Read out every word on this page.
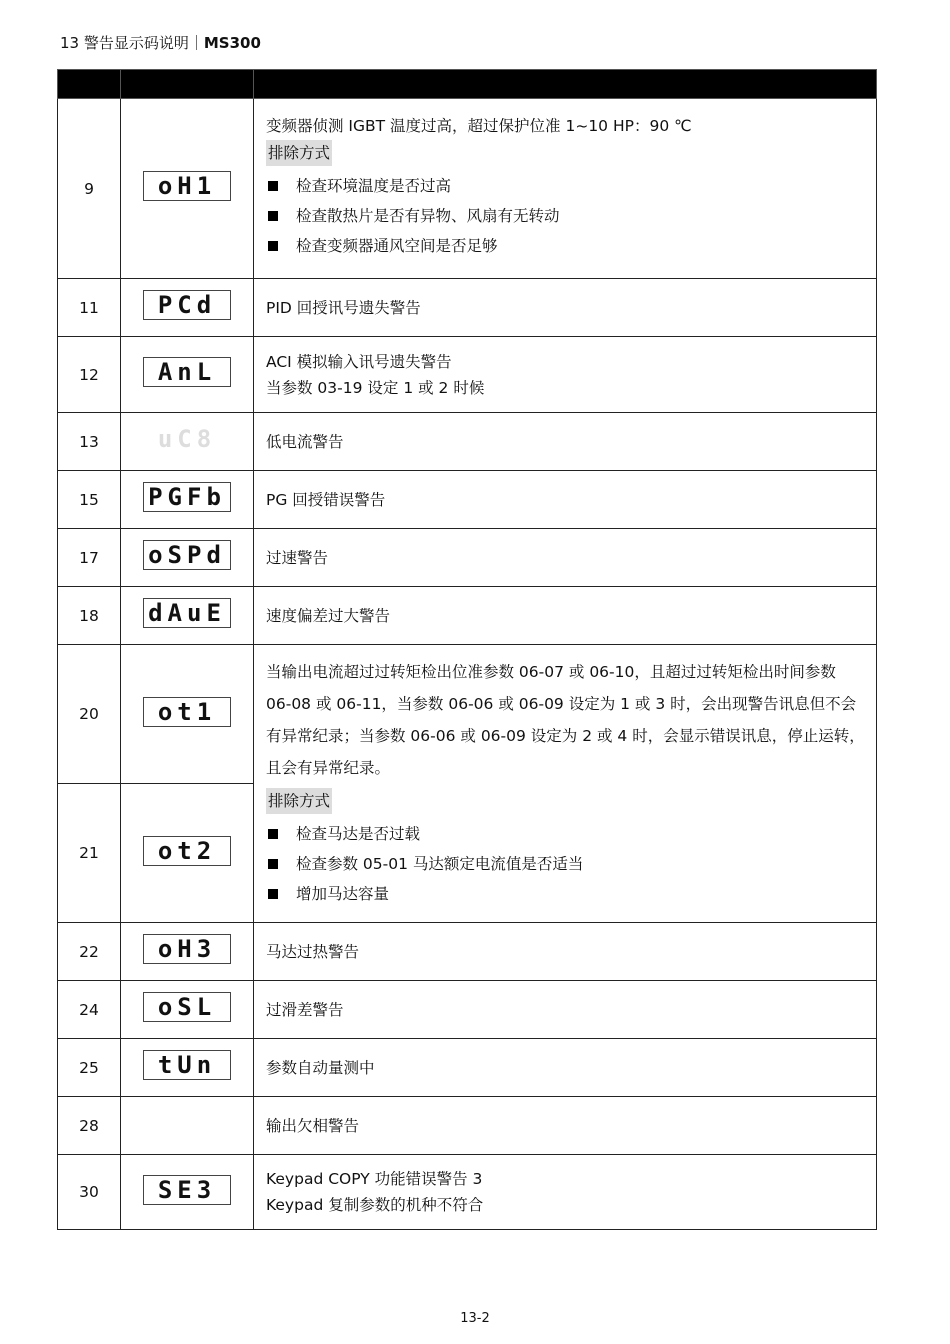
13 警告显示码说明｜MS300

9	oH1	变频器侦测 IGBT 温度过高，超过保护位准 1~10 HP：90 ℃
排除方式
检查环境温度是否过高
检查散热片是否有异物、风扇有无转动
检查变频器通风空间是否足够

11	PCd	PID 回授讯号遗失警告

12	AnL	ACI 模拟输入讯号遗失警告
当参数 03-19 设定 1 或 2 时候

13	uC8	低电流警告

15	PGFb	PG 回授错误警告

17	oSPd	过速警告

18	dAuE	速度偏差过大警告

20	ot1	当输出电流超过过转矩检出位准参数 06-07 或 06-10，且超过过转矩检出时间参数 06-08 或 06-11，当参数 06-06 或 06-09 设定为 1 或 3 时，会出现警告讯息但不会有异常纪录；当参数 06-06 或 06-09 设定为 2 或 4 时，会显示错误讯息，停止运转，且会有异常纪录。
排除方式
检查马达是否过载
检查参数 05-01 马达额定电流值是否适当
增加马达容量

21	ot2	
22	oH3	马达过热警告

24	oSL	过滑差警告

25	tUn	参数自动量测中

28		输出欠相警告

30	SE3	Keypad COPY 功能错误警告 3
Keypad 复制参数的机种不符合
13-2
